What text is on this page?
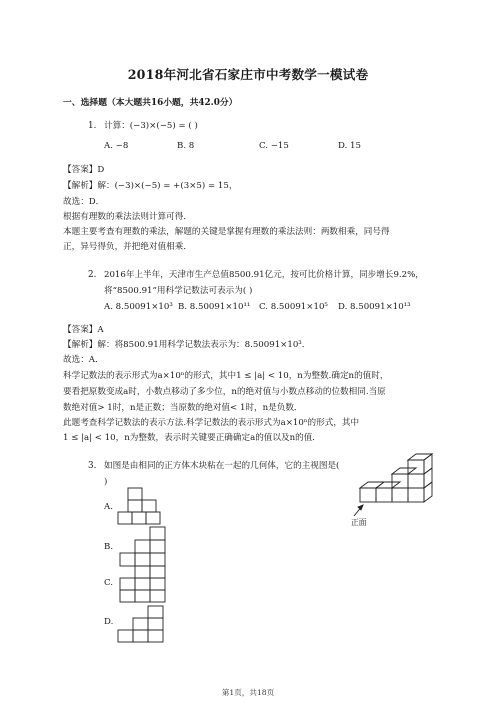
2018年河北省石家庄市中考数学一模试卷
一、选择题（本大题共16小题，共42.0分）
1. 计算：(−3)×(−5) = ( )
A. −8	B. 8	C. −15	D. 15
【答案】D
【解析】解：(−3)×(−5) = +(3×5) = 15，
故选：D．
根据有理数的乘法法则计算可得．
本题主要考查有理数的乘法，解题的关键是掌握有理数的乘法法则：两数相乘，同号得
正，异号得负，并把绝对值相乘．
2. 2016年上半年，天津市生产总值8500.91亿元，按可比价格计算，同步增长9.2%，
将“8500.91”用科学记数法可表示为( )
A. 8.50091×10³ B. 8.50091×10¹¹ C. 8.50091×10⁵ D. 8.50091×10¹³
【答案】A
【解析】解：将8500.91用科学记数法表示为：8.50091×10³．
故选：A．
科学记数法的表示形式为a×10ⁿ的形式，其中1 ≤ |a| < 10，n为整数.确定n的值时，
要看把原数变成a时，小数点移动了多少位，n的绝对值与小数点移动的位数相同.当原
数绝对值> 1时，n是正数；当原数的绝对值< 1时，n是负数．
此题考查科学记数法的表示方法.科学记数法的表示形式为a×10ⁿ的形式，其中
1 ≤ |a| < 10，n为整数，表示时关键要正确确定a的值以及n的值．
3. 如图是由相同的正方体木块粘在一起的几何体，它的主视图是(
)
A.
B.
C.
D.
正面
第1页，共18页
